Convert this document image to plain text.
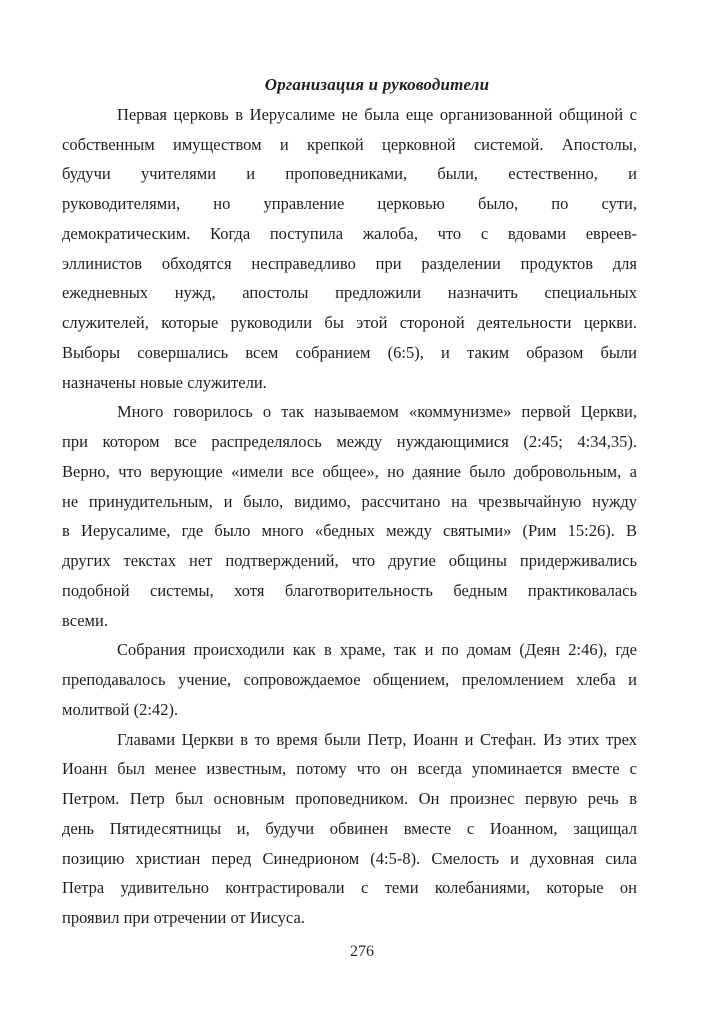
Организация и руководители
Первая церковь в Иерусалиме не была еще организованной общиной с
собственным имуществом и крепкой церковной системой. Апостолы,
будучи учителями и проповедниками, были, естественно, и
руководителями, но управление церковью было, по сути,
демократическим. Когда поступила жалоба, что с вдовами евреев-
эллинистов обходятся несправедливо при разделении продуктов для
ежедневных нужд, апостолы предложили назначить специальных
служителей, которые руководили бы этой стороной деятельности церкви.
Выборы совершались всем собранием (6:5), и таким образом были
назначены новые служители.
Много говорилось о так называемом «коммунизме» первой Церкви,
при котором все распределялось между нуждающимися (2:45; 4:34,35).
Верно, что верующие «имели все общее», но даяние было добровольным, а
не принудительным, и было, видимо, рассчитано на чрезвычайную нужду
в Иерусалиме, где было много «бедных между святыми» (Рим 15:26). В
других текстах нет подтверждений, что другие общины придерживались
подобной системы, хотя благотворительность бедным практиковалась
всеми.
Собрания происходили как в храме, так и по домам (Деян 2:46), где
преподавалось учение, сопровождаемое общением, преломлением хлеба и
молитвой (2:42).
Главами Церкви в то время были Петр, Иоанн и Стефан. Из этих трех
Иоанн был менее известным, потому что он всегда упоминается вместе с
Петром. Петр был основным проповедником. Он произнес первую речь в
день Пятидесятницы и, будучи обвинен вместе с Иоанном, защищал
позицию христиан перед Синедрионом (4:5-8). Смелость и духовная сила
Петра удивительно контрастировали с теми колебаниями, которые он
проявил при отречении от Иисуса.
276
